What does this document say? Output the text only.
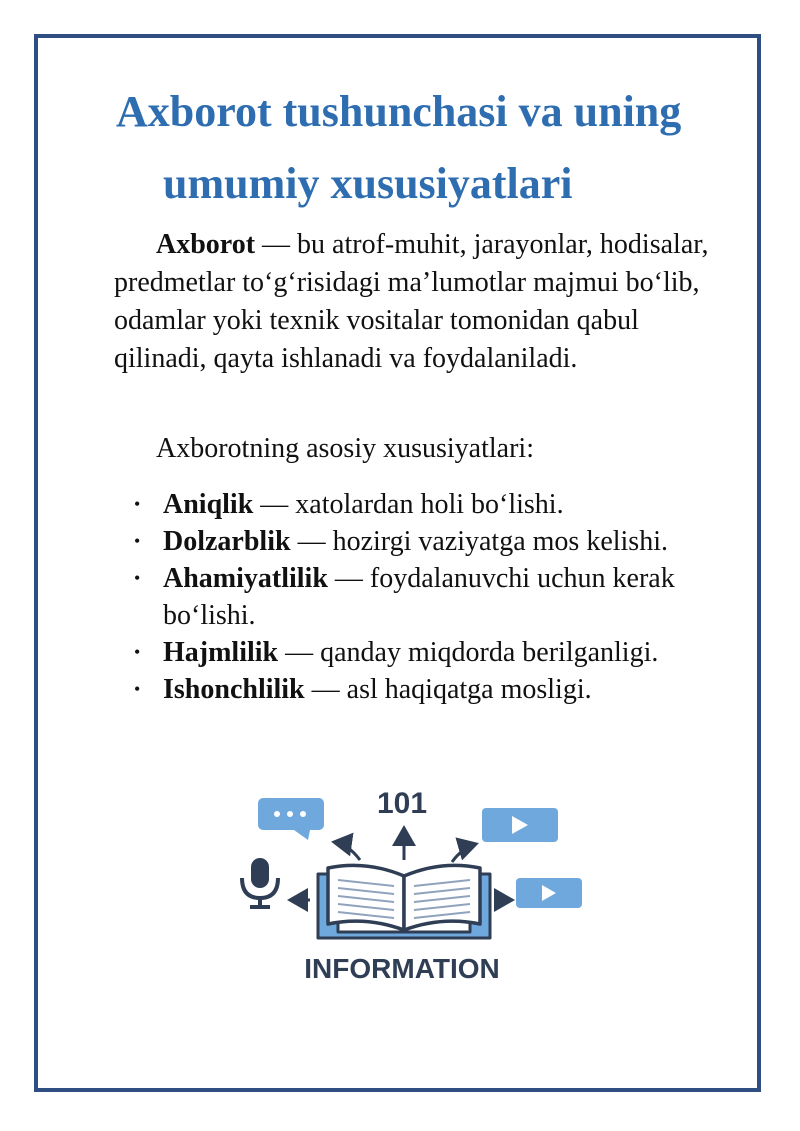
Axborot tushunchasi va uning
umumiy xususiyatlari

Axborot — bu atrof-muhit, jarayonlar, hodisalar, predmetlar to‘g‘risidagi ma’lumotlar majmui bo‘lib, odamlar yoki texnik vositalar tomonidan qabul qilinadi, qayta ishlanadi va foydalaniladi.

Axborotning asosiy xususiyatlari:

• Aniqlik — xatolardan holi bo‘lishi.
• Dolzarblik — hozirgi vaziyatga mos kelishi.
• Ahamiyatlilik — foydalanuvchi uchun kerak bo‘lishi.
• Hajmlilik — qanday miqdorda berilganligi.
• Ishonchlilik — asl haqiqatga mosligi.
101
INFORMATION
